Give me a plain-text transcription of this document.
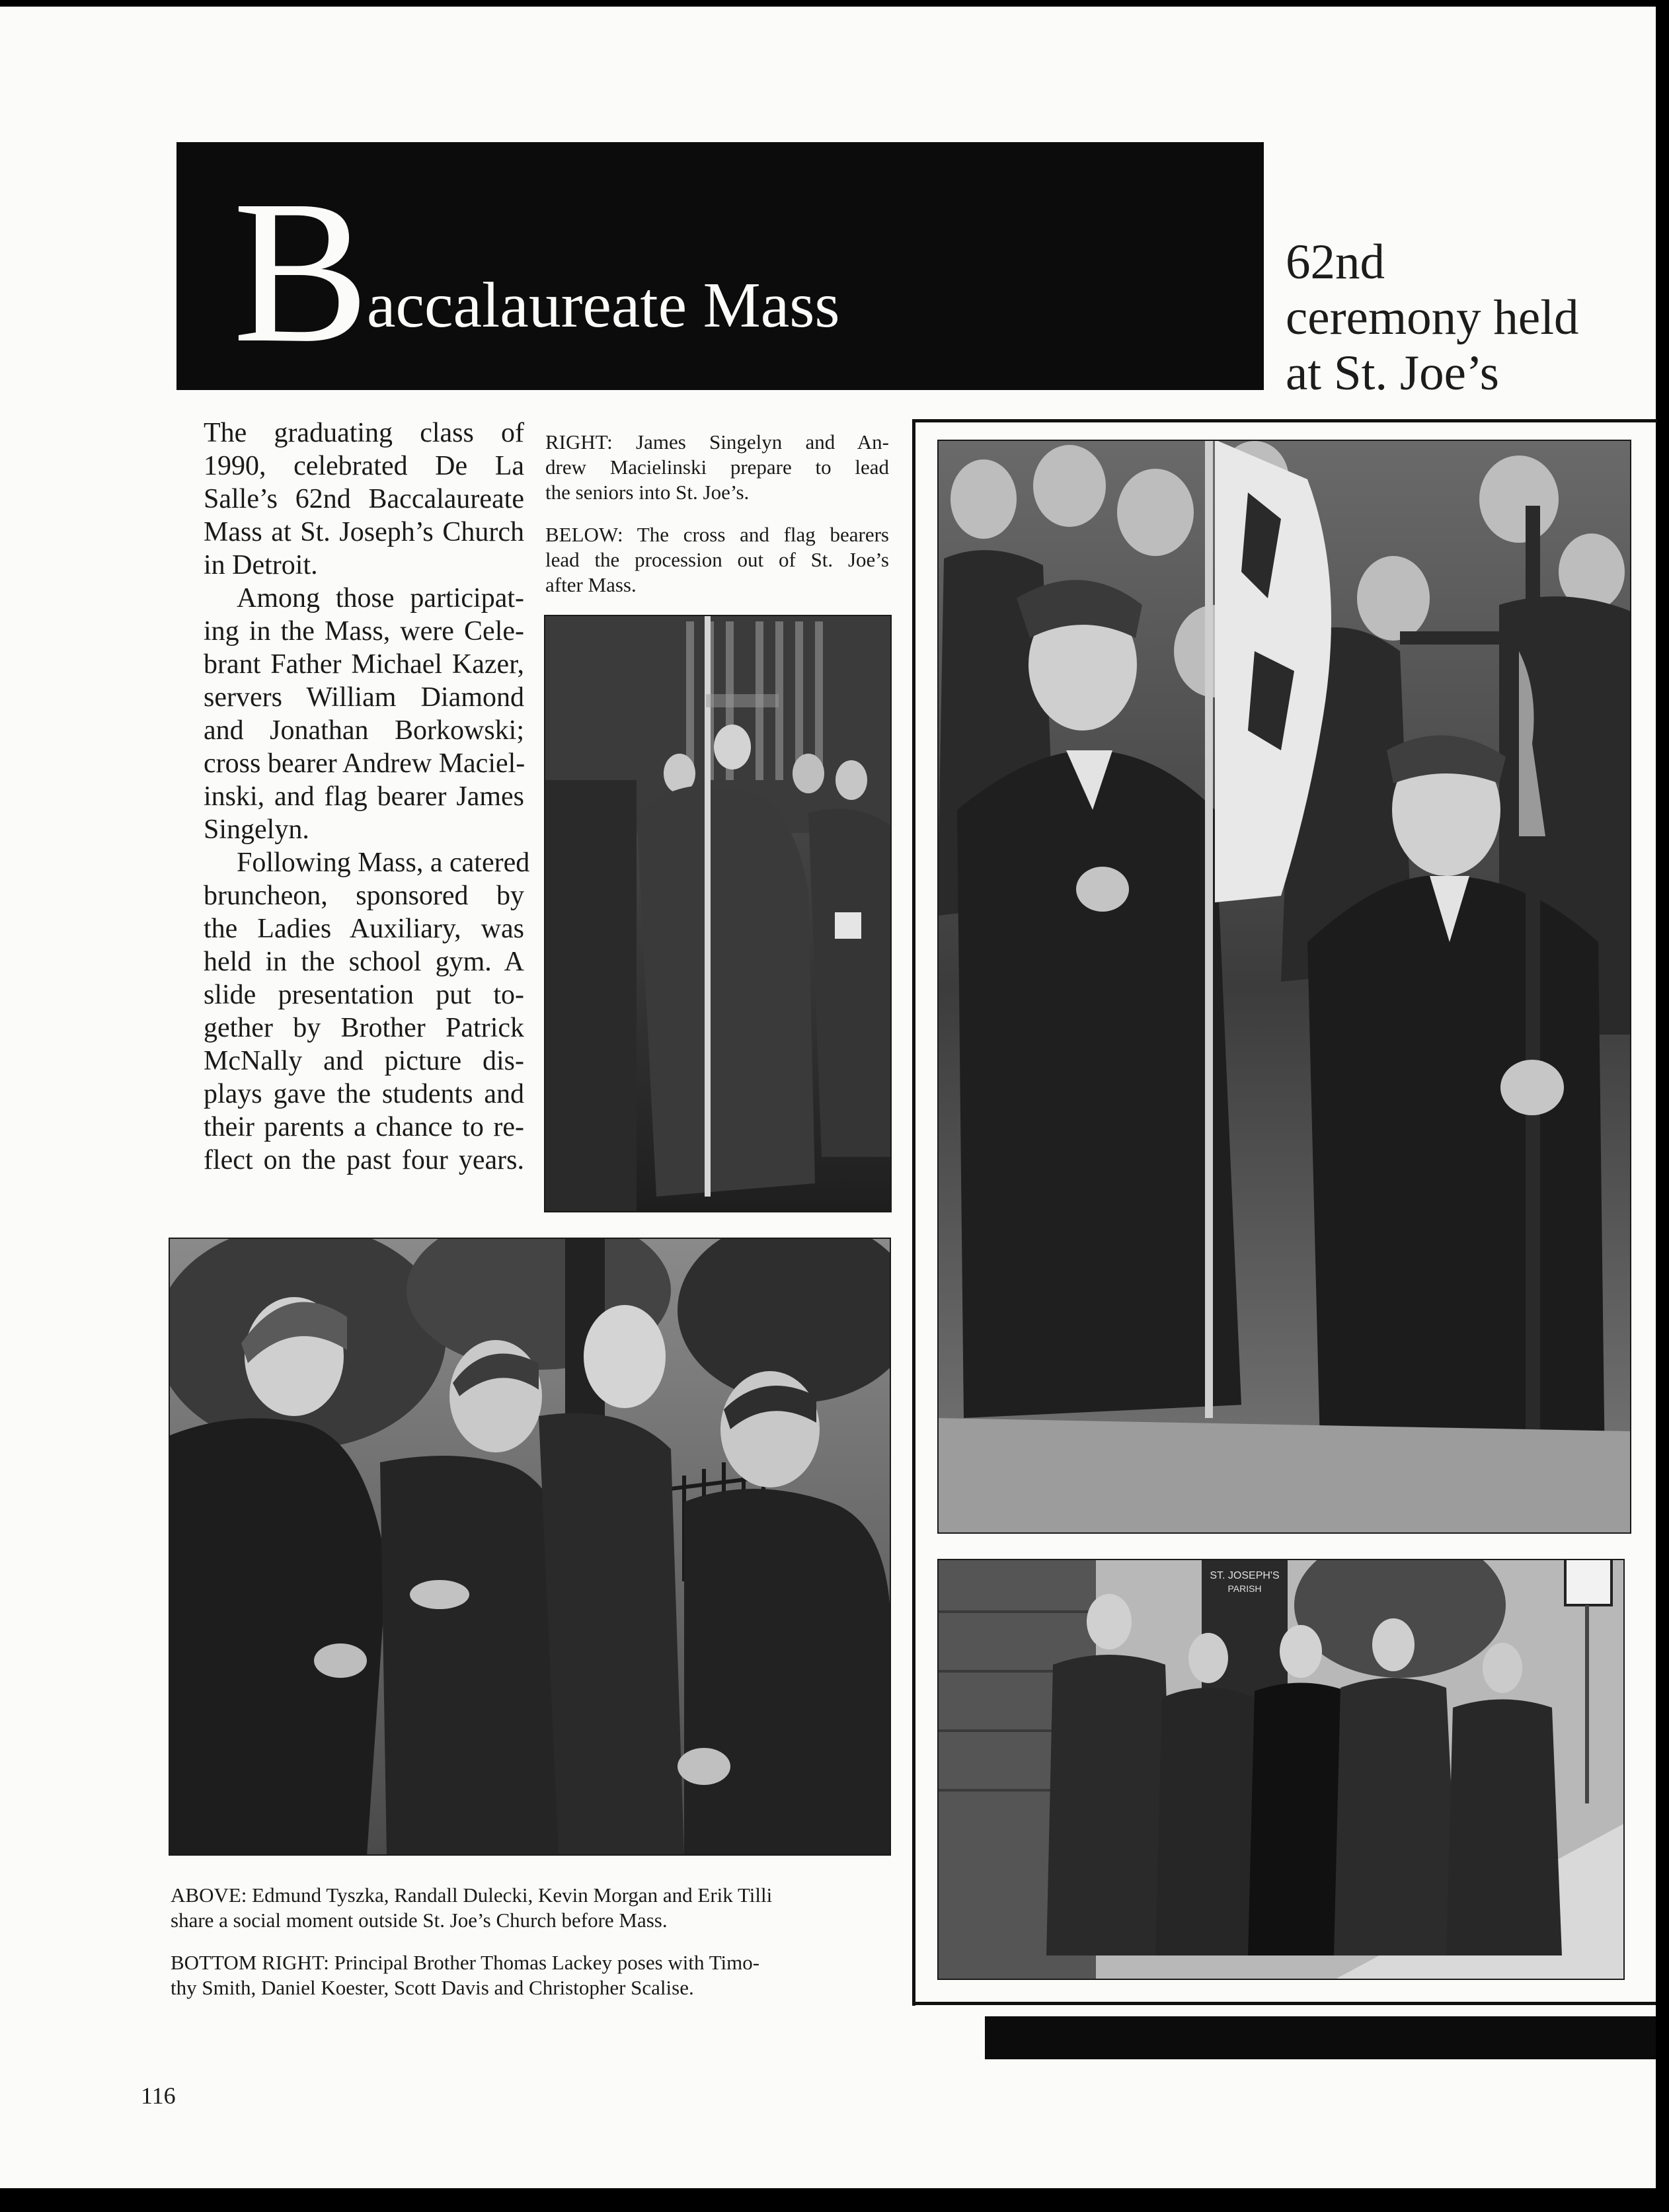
B
accalaureate Mass
62nd
ceremony held
at St. Joe’s

The graduating class of
1990, celebrated De La
Salle’s 62nd Baccalaureate
Mass at St. Joseph’s Church
in Detroit.

Among those participat-
ing in the Mass, were Cele-
brant Father Michael Kazer,
servers William Diamond
and Jonathan Borkowski;
cross bearer Andrew Maciel-
inski, and flag bearer James
Singelyn.

Following Mass, a catered
bruncheon, sponsored by
the Ladies Auxiliary, was
held in the school gym. A
slide presentation put to-
gether by Brother Patrick
McNally and picture dis-
plays gave the students and
their parents a chance to re-
flect on the past four years.

RIGHT: James Singelyn and An-
drew Macielinski prepare to lead
the seniors into St. Joe’s.
BELOW: The cross and flag bearers
lead the procession out of St. Joe’s
after Mass.
ST. JOSEPH'S
PARISH
ABOVE: Edmund Tyszka, Randall Dulecki, Kevin Morgan and Erik Tilli
share a social moment outside St. Joe’s Church before Mass.
BOTTOM RIGHT: Principal Brother Thomas Lackey poses with Timo-
thy Smith, Daniel Koester, Scott Davis and Christopher Scalise.
116
